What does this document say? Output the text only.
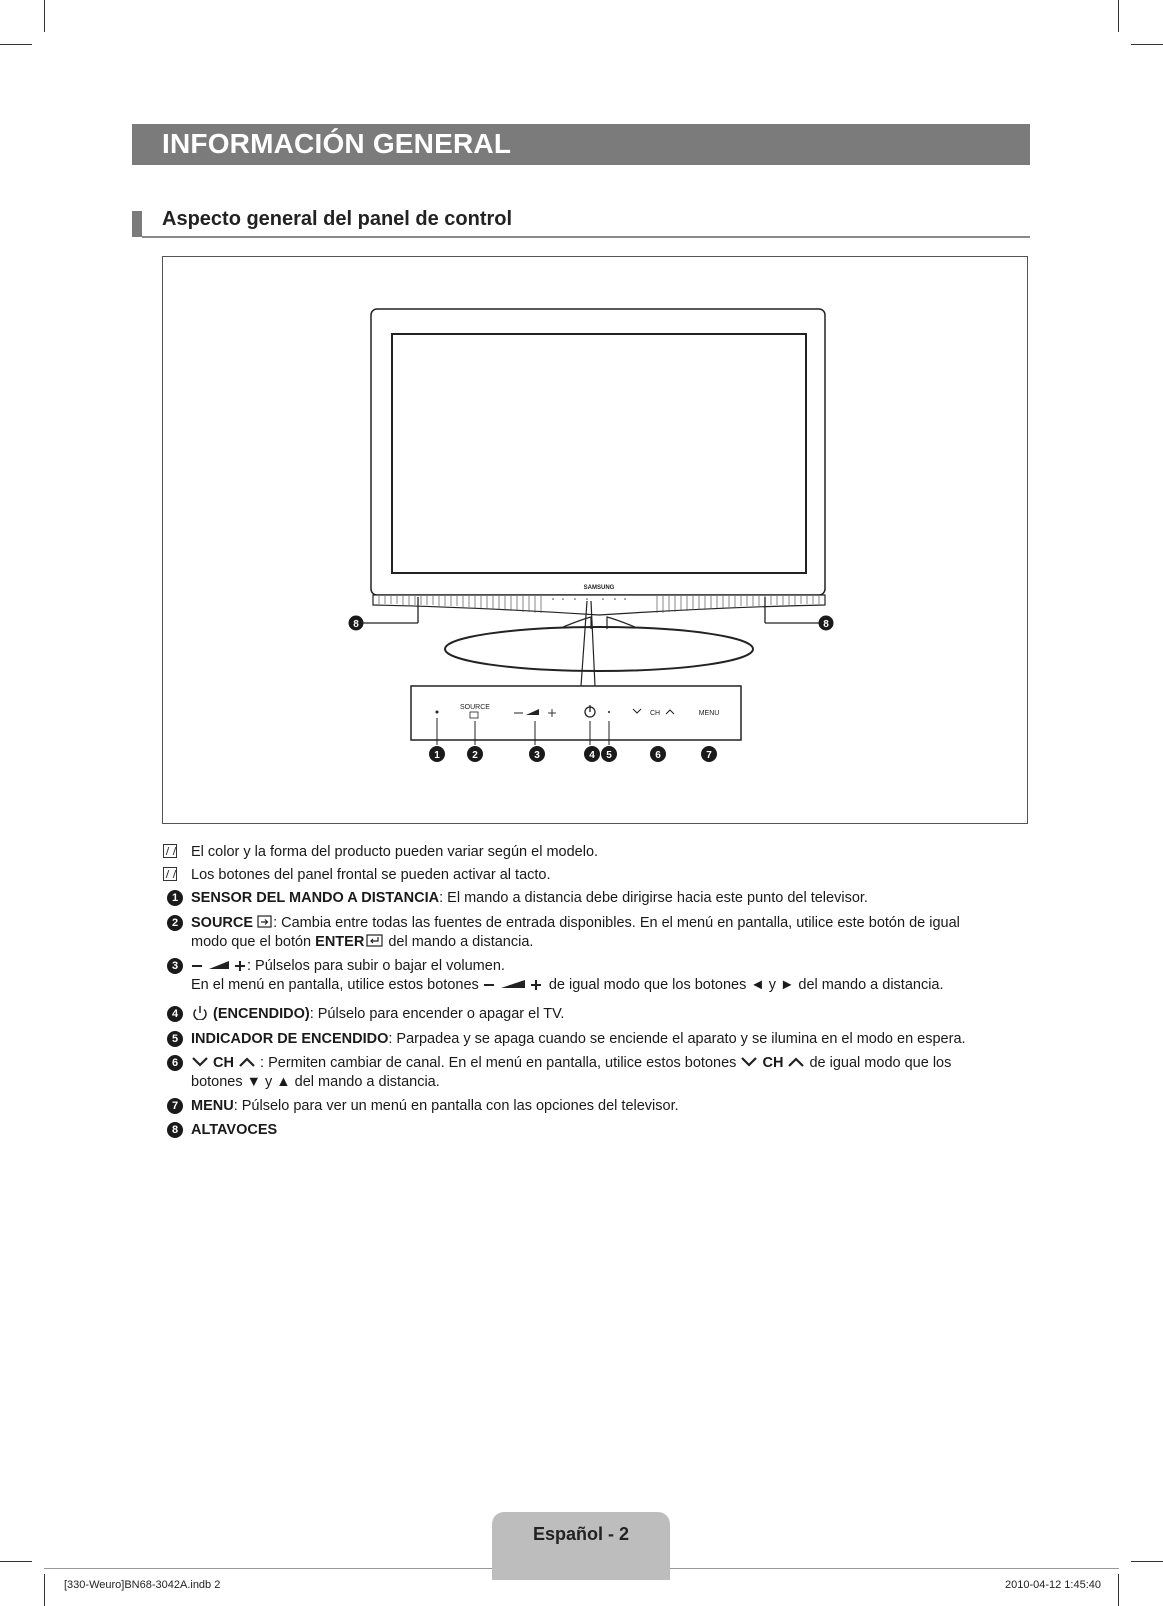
INFORMACIÓN GENERAL
Aspecto general del panel de control
SAMSUNG
8	8
SOURCE
CH	MENU
1	2	3	4 5	6	7
El color y la forma del producto pueden variar según el modelo.
Los botones del panel frontal se pueden activar al tacto.
1 SENSOR DEL MANDO A DISTANCIA: El mando a distancia debe dirigirse hacia este punto del televisor.
2 SOURCE : Cambia entre todas las fuentes de entrada disponibles. En el menú en pantalla, utilice este botón de igual
modo que el botón ENTER del mando a distancia.
3	: Púlselos para subir o bajar el volumen.
En el menú en pantalla, utilice estos botones	de igual modo que los botones ◄ y ► del mando a distancia.
4	(ENCENDIDO): Púlselo para encender o apagar el TV.
5 INDICADOR DE ENCENDIDO: Parpadea y se apaga cuando se enciende el aparato y se ilumina en el modo en espera.
6	CH  : Permiten cambiar de canal. En el menú en pantalla, utilice estos botones  CH  de igual modo que los
botones ▼ y ▲ del mando a distancia.
7 MENU: Púlselo para ver un menú en pantalla con las opciones del televisor.
8 ALTAVOCES
Español - 2
[330-Weuro]BN68-3042A.indb 2	2010-04-12 1:45:40
